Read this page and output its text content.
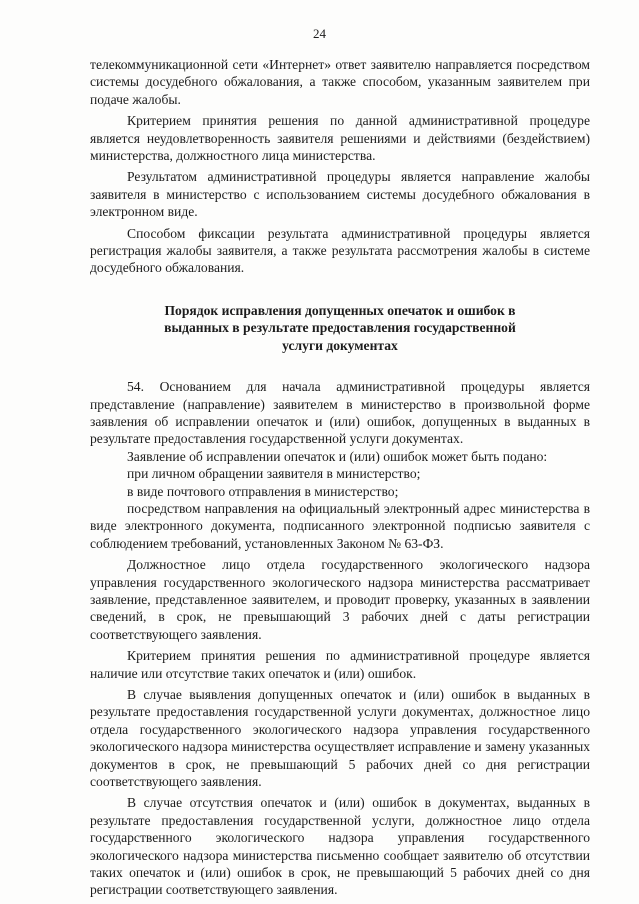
24

телекоммуникационной сети «Интернет» ответ заявителю направляется посредством системы досудебного обжалования, а также способом, указанным заявителем при подаче жалобы.

Критерием принятия решения по данной административной процедуре является неудовлетворенность заявителя решениями и действиями (бездействием) министерства, должностного лица министерства.

Результатом административной процедуры является направление жалобы заявителя в министерство с использованием системы досудебного обжалования в электронном виде.

Способом фиксации результата административной процедуры является регистрация жалобы заявителя, а также результата рассмотрения жалобы в системе досудебного обжалования.

Порядок исправления допущенных опечаток и ошибок в
выданных в результате предоставления государственной
услуги документах

54. Основанием для начала административной процедуры является представление (направление) заявителем в министерство в произвольной форме заявления об исправлении опечаток и (или) ошибок, допущенных в выданных в результате предоставления государственной услуги документах.

Заявление об исправлении опечаток и (или) ошибок может быть подано:

при личном обращении заявителя в министерство;

в виде почтового отправления в министерство;

посредством направления на официальный электронный адрес министерства в виде электронного документа, подписанного электронной подписью заявителя с соблюдением требований, установленных Законом № 63-ФЗ.

Должностное лицо отдела государственного экологического надзора управления государственного экологического надзора министерства рассматривает заявление, представленное заявителем, и проводит проверку, указанных в заявлении сведений, в срок, не превышающий 3 рабочих дней с даты регистрации соответствующего заявления.

Критерием принятия решения по административной процедуре является наличие или отсутствие таких опечаток и (или) ошибок.

В случае выявления допущенных опечаток и (или) ошибок в выданных в результате предоставления государственной услуги документах, должностное лицо отдела государственного экологического надзора управления государственного экологического надзора министерства осуществляет исправление и замену указанных документов в срок, не превышающий 5 рабочих дней со дня регистрации соответствующего заявления.

В случае отсутствия опечаток и (или) ошибок в документах, выданных в результате предоставления государственной услуги, должностное лицо отдела государственного экологического надзора управления государственного экологического надзора министерства письменно сообщает заявителю об отсутствии таких опечаток и (или) ошибок в срок, не превышающий 5 рабочих дней со дня регистрации соответствующего заявления.
